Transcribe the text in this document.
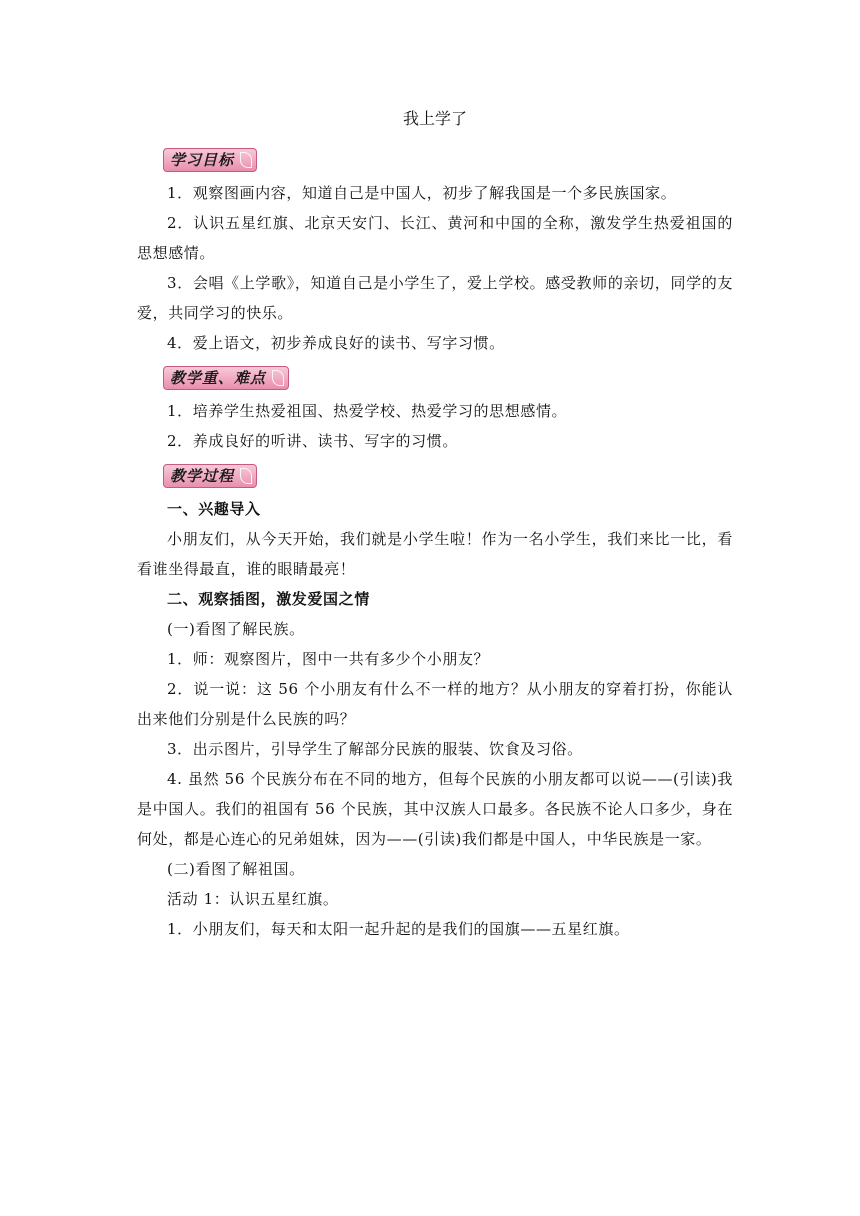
我上学了
学习目标

1．观察图画内容，知道自己是中国人，初步了解我国是一个多民族国家。

2．认识五星红旗、北京天安门、长江、黄河和中国的全称，激发学生热爱祖国的思想感情。

3．会唱《上学歌》，知道自己是小学生了，爱上学校。感受教师的亲切，同学的友爱，共同学习的快乐。

4．爱上语文，初步养成良好的读书、写字习惯。

教学重、难点

1．培养学生热爱祖国、热爱学校、热爱学习的思想感情。

2．养成良好的听讲、读书、写字的习惯。

教学过程

一、兴趣导入

小朋友们，从今天开始，我们就是小学生啦！作为一名小学生，我们来比一比，看看谁坐得最直，谁的眼睛最亮！

二、观察插图，激发爱国之情

(一)看图了解民族。

1．师：观察图片，图中一共有多少个小朋友？

2．说一说：这 56 个小朋友有什么不一样的地方？从小朋友的穿着打扮，你能认出来他们分别是什么民族的吗？

3．出示图片，引导学生了解部分民族的服装、饮食及习俗。

4. 虽然 56 个民族分布在不同的地方，但每个民族的小朋友都可以说——(引读)我是中国人。我们的祖国有 56 个民族，其中汉族人口最多。各民族不论人口多少，身在何处，都是心连心的兄弟姐妹，因为——(引读)我们都是中国人，中华民族是一家。

(二)看图了解祖国。

活动 1：认识五星红旗。

1．小朋友们，每天和太阳一起升起的是我们的国旗——五星红旗。
